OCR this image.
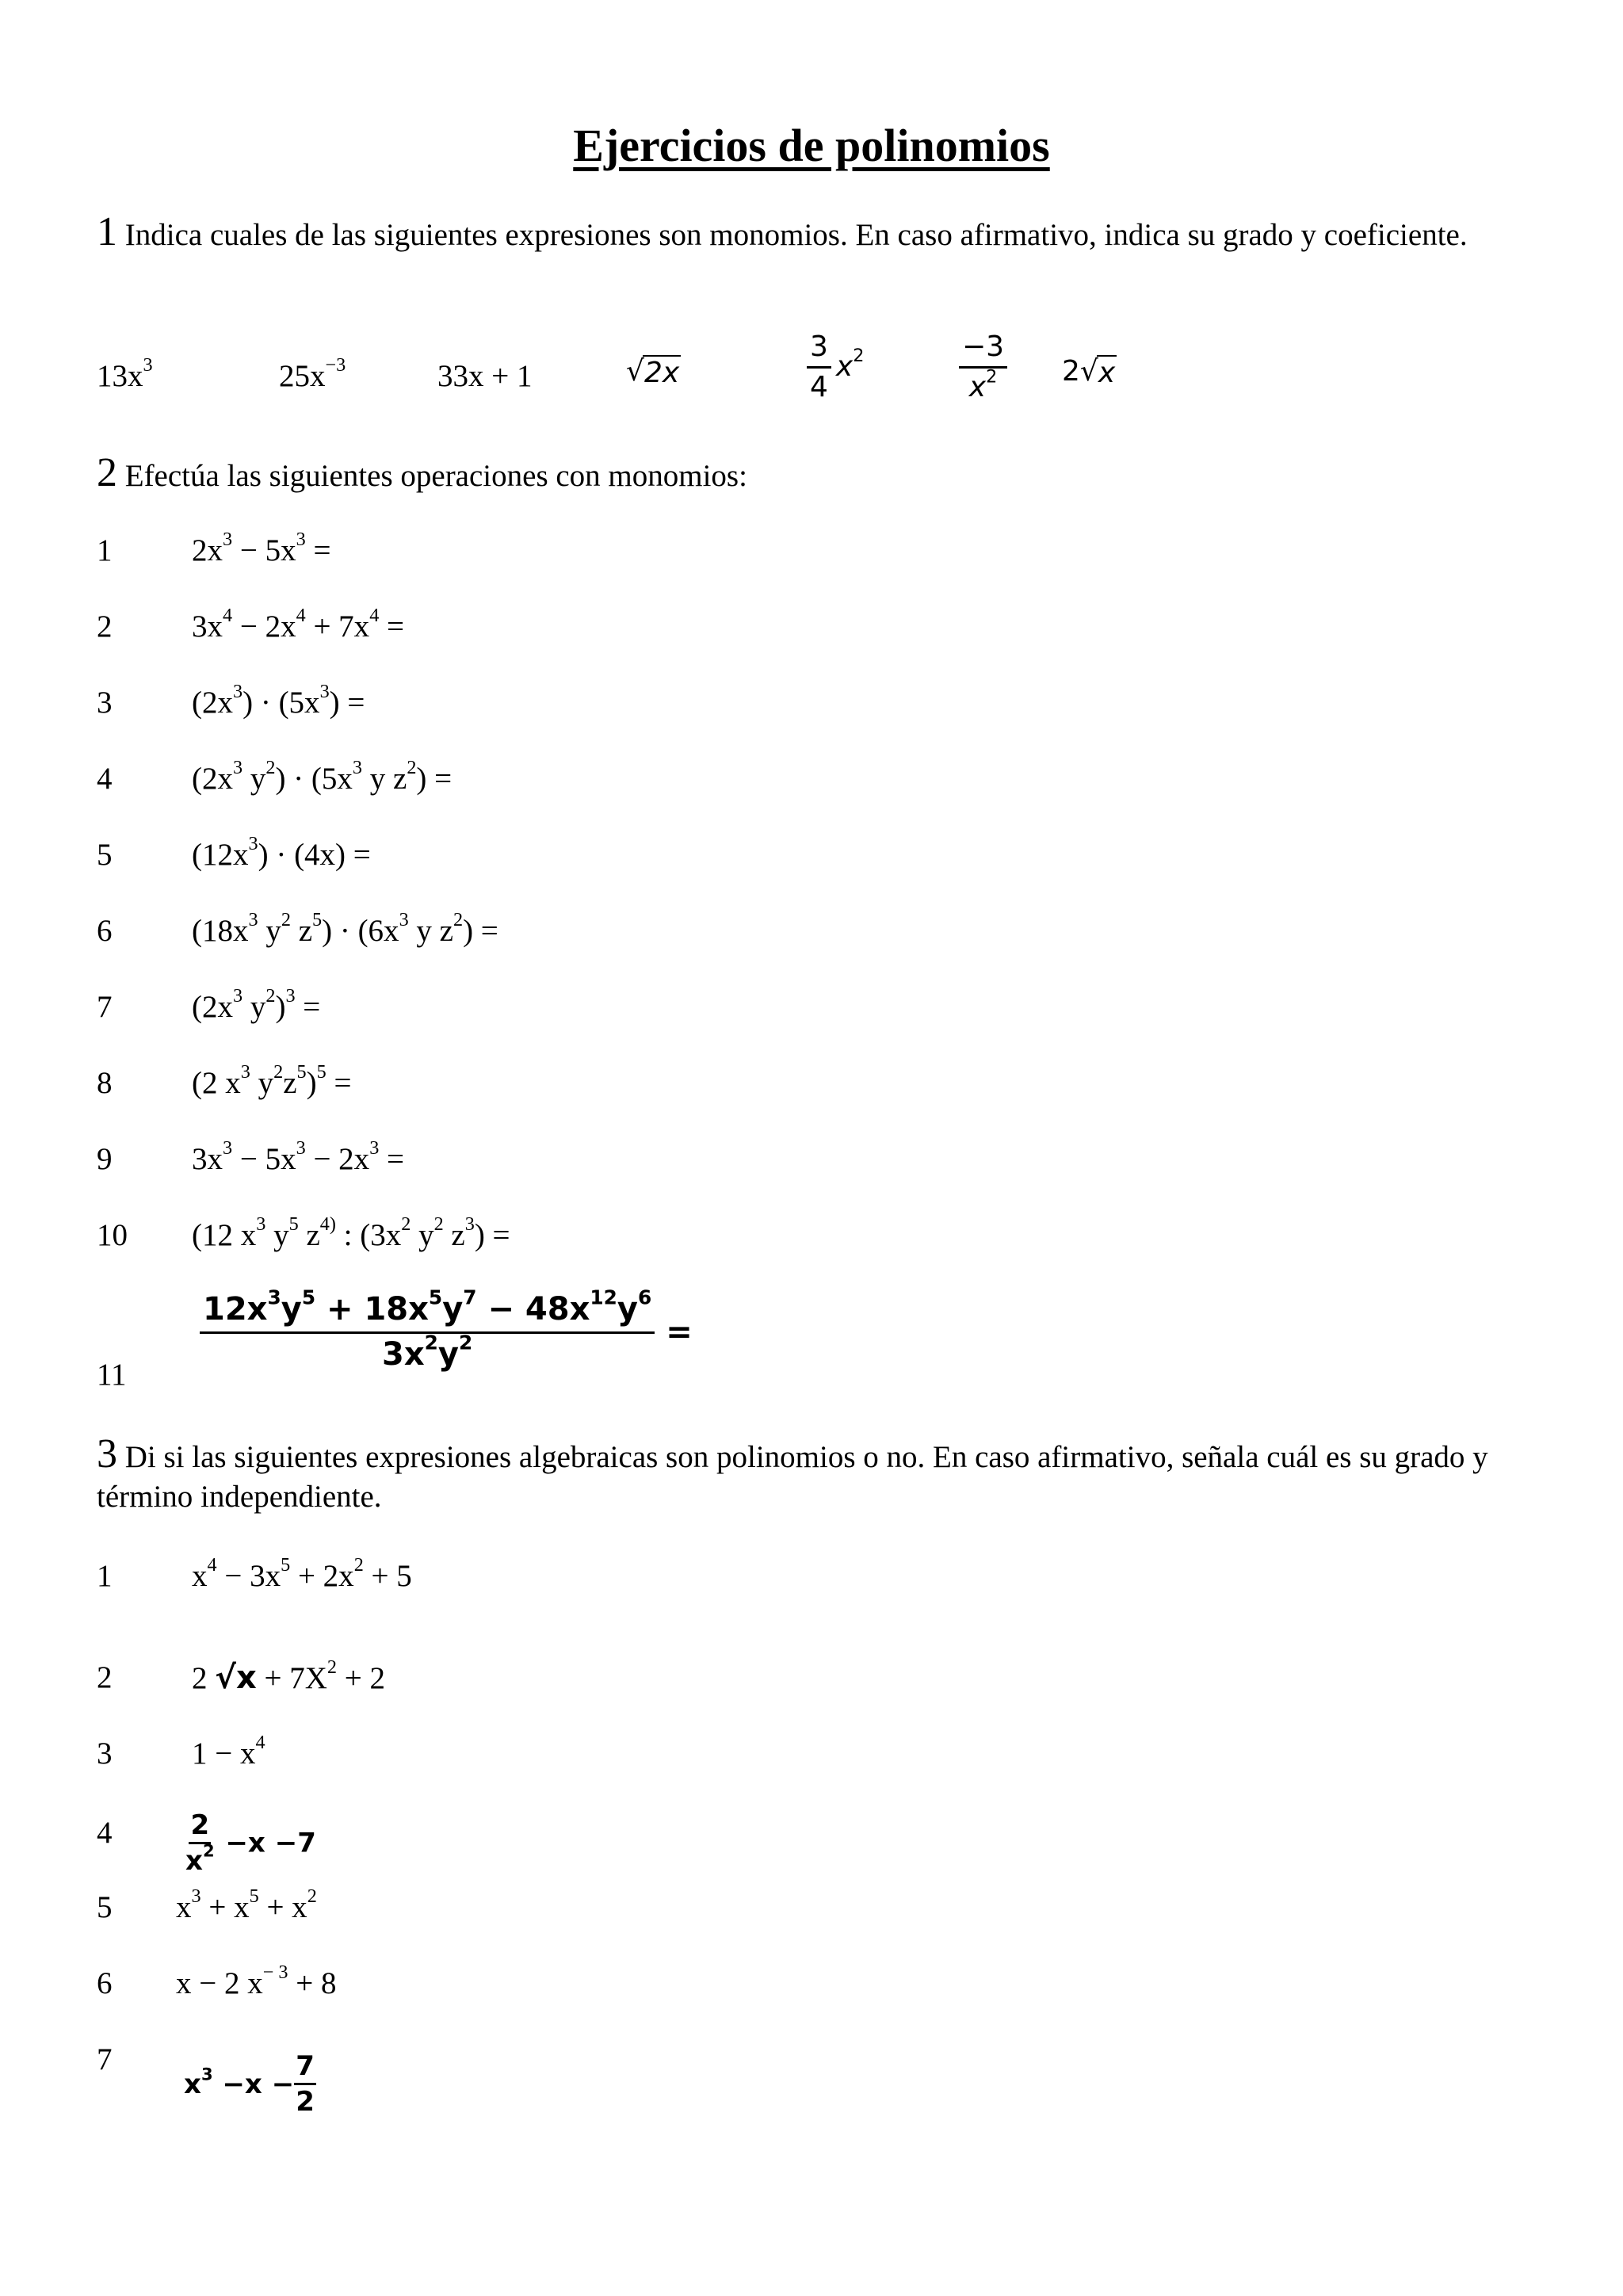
Ejercicios de polinomios
1 Indica cuales de las siguientes expresiones son monomios. En caso afirmativo, indica su grado y coeficiente.
$13x^3$	$25x^{-3}$	33x + 1	√ 2x	$\frac{3}{4} x^2$	$\frac{-3}{x^2} 2$ √ x
2 Efectúa las siguientes operaciones con monomios:
1	$2x^3 - 5x^3$ =
2	$3x^4 - 2x^4 + 7x^4$ =
3	$(2x^3) \cdot (5x^3)$ =
4	($2x^3$ $y^2) \cdot (5x^3$ y $z^2$) =
5	$(12x^3) \cdot (4x)$ =
6	($18x^3$ $y^2$ $z^5) \cdot (6x^3$ y $z^2$) =
7	($2x^3$ $y^2)^3$ =
8	(2 $x^3$ $y^2z^5)^5$ =
9	$3x^3 - 5x^3 - 2x^3$ =
10 (12 $x^3$ $y^5$ $z^{4)}$ : ($3x^2$ $y^2$ $z^3$) =
11
$\frac{12x^3y^5 + 18x^5y^7 - 48x^{12}y^6}{3x^2y^2}$ =
3 Di si las siguientes expresiones algebraicas son polinomios o no. En caso afirmativo, señala cuál es su grado y término independiente.
1	$x^4 - 3x^5 + 2x^2 + 5$
2	2 $√x + 7X^2 + 2$
3	$1 - x^4$
4	$\frac{2}{x^2} -x -7$
5 $x^3 + x^5 + x^2$
6 x − 2 $x^{- 3} + 8$
7
$x^3 -x - \frac{7}{2}$
